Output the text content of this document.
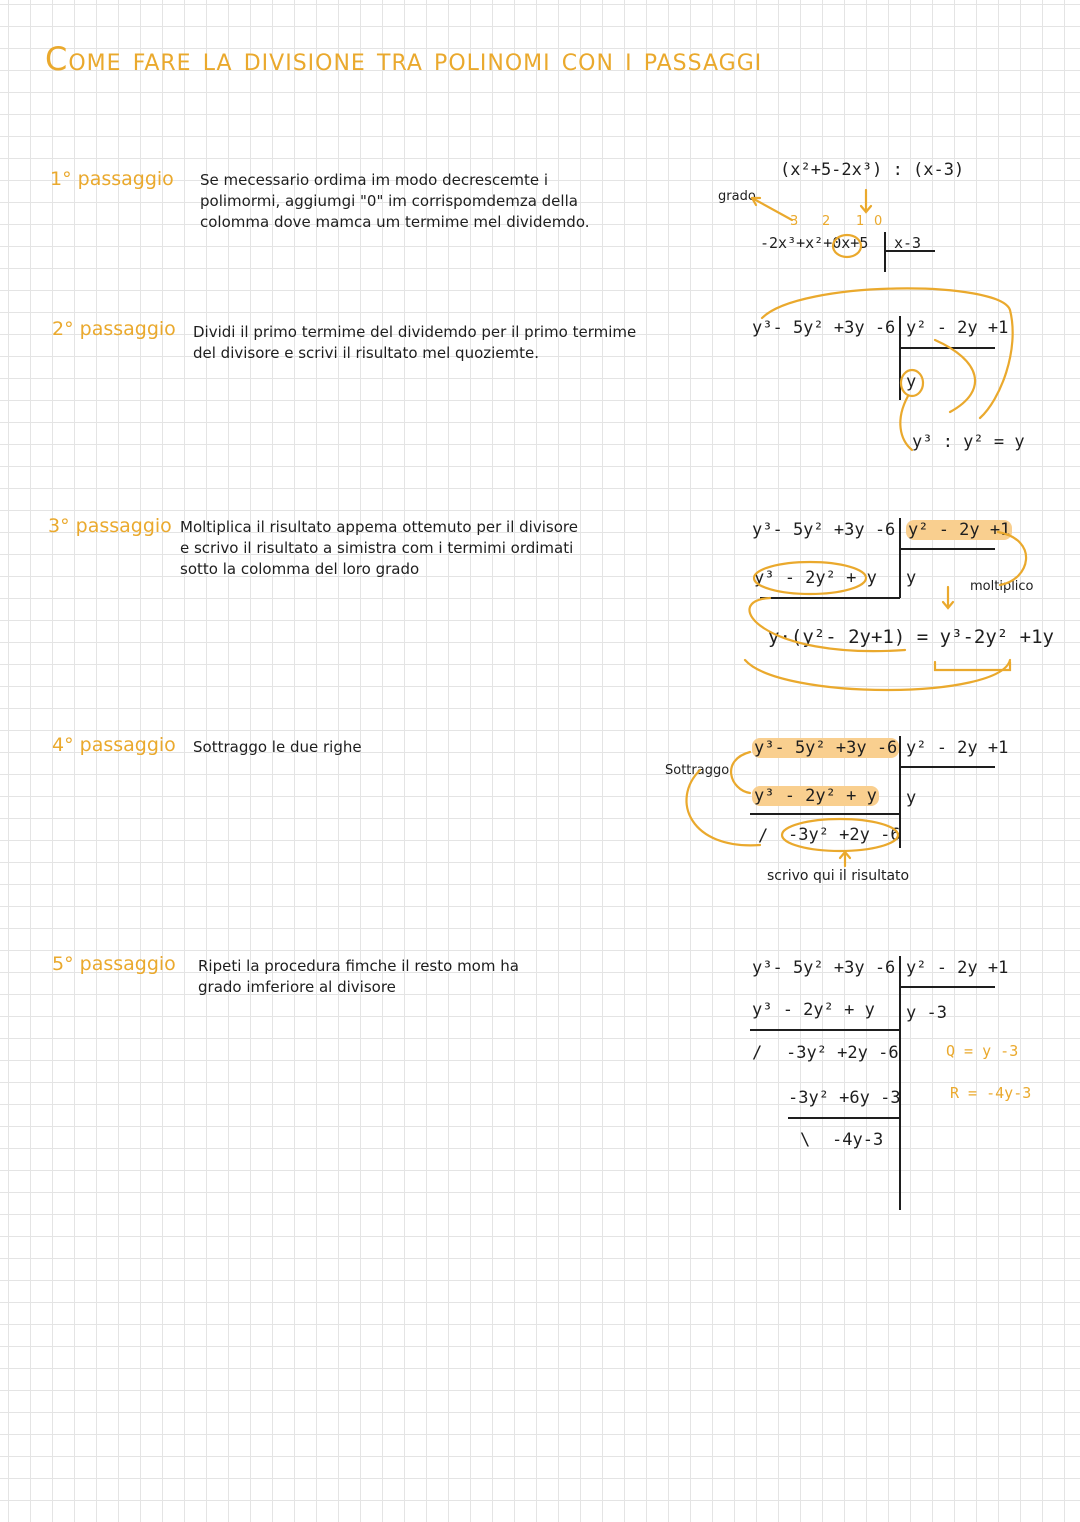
Come fare la divisione tra polinomi con i passaggi
1° passaggio Se mecessario ordima im modo decrescemte i
polimormi, aggiumgi "0" im corrispomdemza della
colomma dove mamca um termime mel dividemdo.
(x²+5-2x³) : (x-3)
grado
3 2 1 0
-2x³+x²+0x+5 x-3
2° passaggio Dividi il primo termime del dividemdo per il primo termime
del divisore e scrivi il risultato mel quoziemte.
y³- 5y² +3y -6 y² - 2y +1
y
y³ : y² = y
3° passaggio Moltiplica il risultato appema ottemuto per il divisore
e scrivo il risultato a simistra com i termimi ordimati
sotto la colomma del loro grado
y³- 5y² +3y -6 y² - 2y +1
y³ - 2y² + y y	moltiplico
y·(y²- 2y+1) = y³-2y² +1y
4° passaggio Sottraggo le due righe	y³- 5y² +3y -6 y² - 2y +1
y³ - 2y² + y y
/ -3y² +2y -6
Sottraggo
scrivo qui il risultato
5° passaggio Ripeti la procedura fimche il resto mom ha
grado imferiore al divisore
y³- 5y² +3y -6 y² - 2y +1
y³ - 2y² + y y -3
/ -3y² +2y -6
-3y² +6y -3
\ -4y-3
Q = y -3
R = -4y-3
